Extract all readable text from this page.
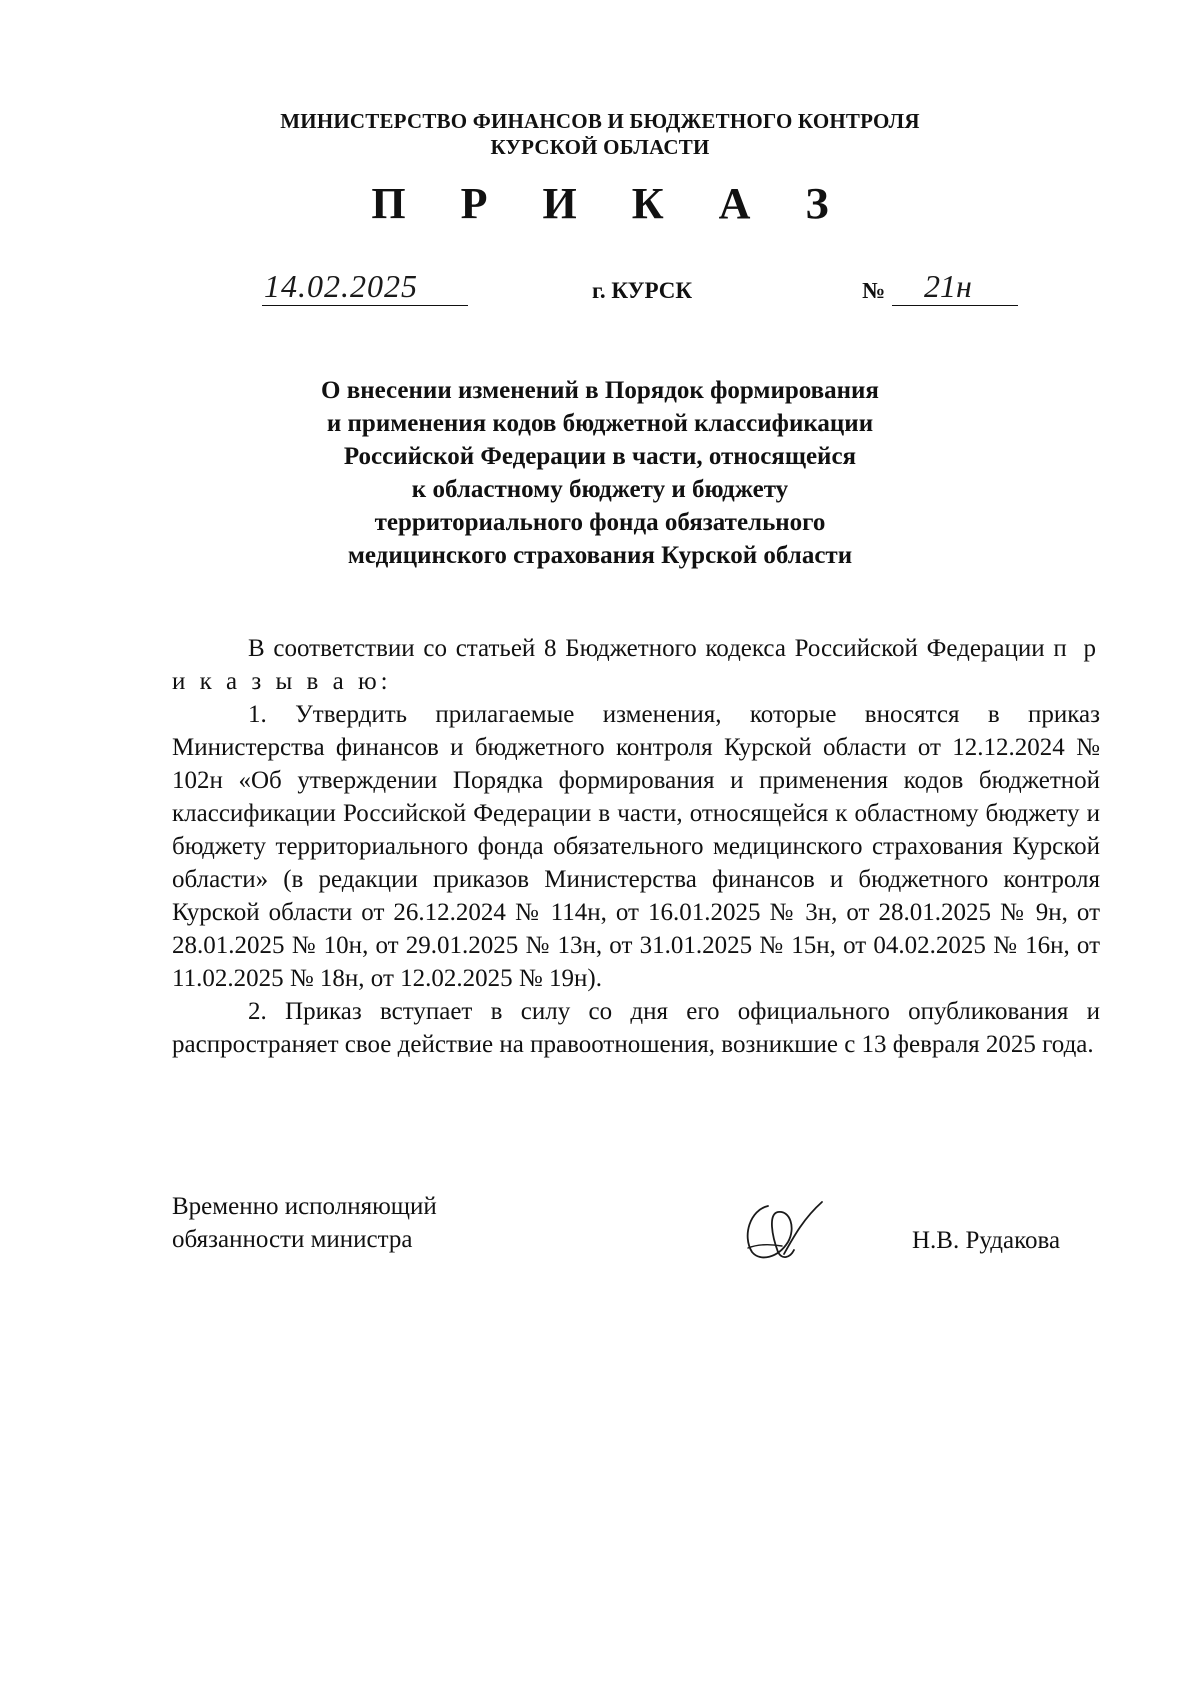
МИНИСТЕРСТВО ФИНАНСОВ И БЮДЖЕТНОГО КОНТРОЛЯ
КУРСКОЙ ОБЛАСТИ
П Р И К А З
14.02.2025	г. КУРСК	№ 21н
О внесении изменений в Порядок формирования
и применения кодов бюджетной классификации
Российской Федерации в части, относящейся
к областному бюджету и бюджету
территориального фонда обязательного
медицинского страхования Курской области

В соответствии со статьей 8 Бюджетного кодекса Российской Федерации п р и к а з ы в а ю:

1. Утвердить прилагаемые изменения, которые вносятся в приказ Министерства финансов и бюджетного контроля Курской области от 12.12.2024 № 102н «Об утверждении Порядка формирования и применения кодов бюджетной классификации Российской Федерации в части, относящейся к областному бюджету и бюджету территориального фонда обязательного медицинского страхования Курской области» (в редакции приказов Министерства финансов и бюджетного контроля Курской области от 26.12.2024 № 114н, от 16.01.2025 № 3н, от 28.01.2025 № 9н, от 28.01.2025 № 10н, от 29.01.2025 № 13н, от 31.01.2025 № 15н, от 04.02.2025 № 16н, от 11.02.2025 № 18н, от 12.02.2025 № 19н).

2. Приказ вступает в силу со дня его официального опубликования и распространяет свое действие на правоотношения, возникшие с 13 февраля 2025 года.

Временно исполняющий
обязанности министра	Н.В. Рудакова
